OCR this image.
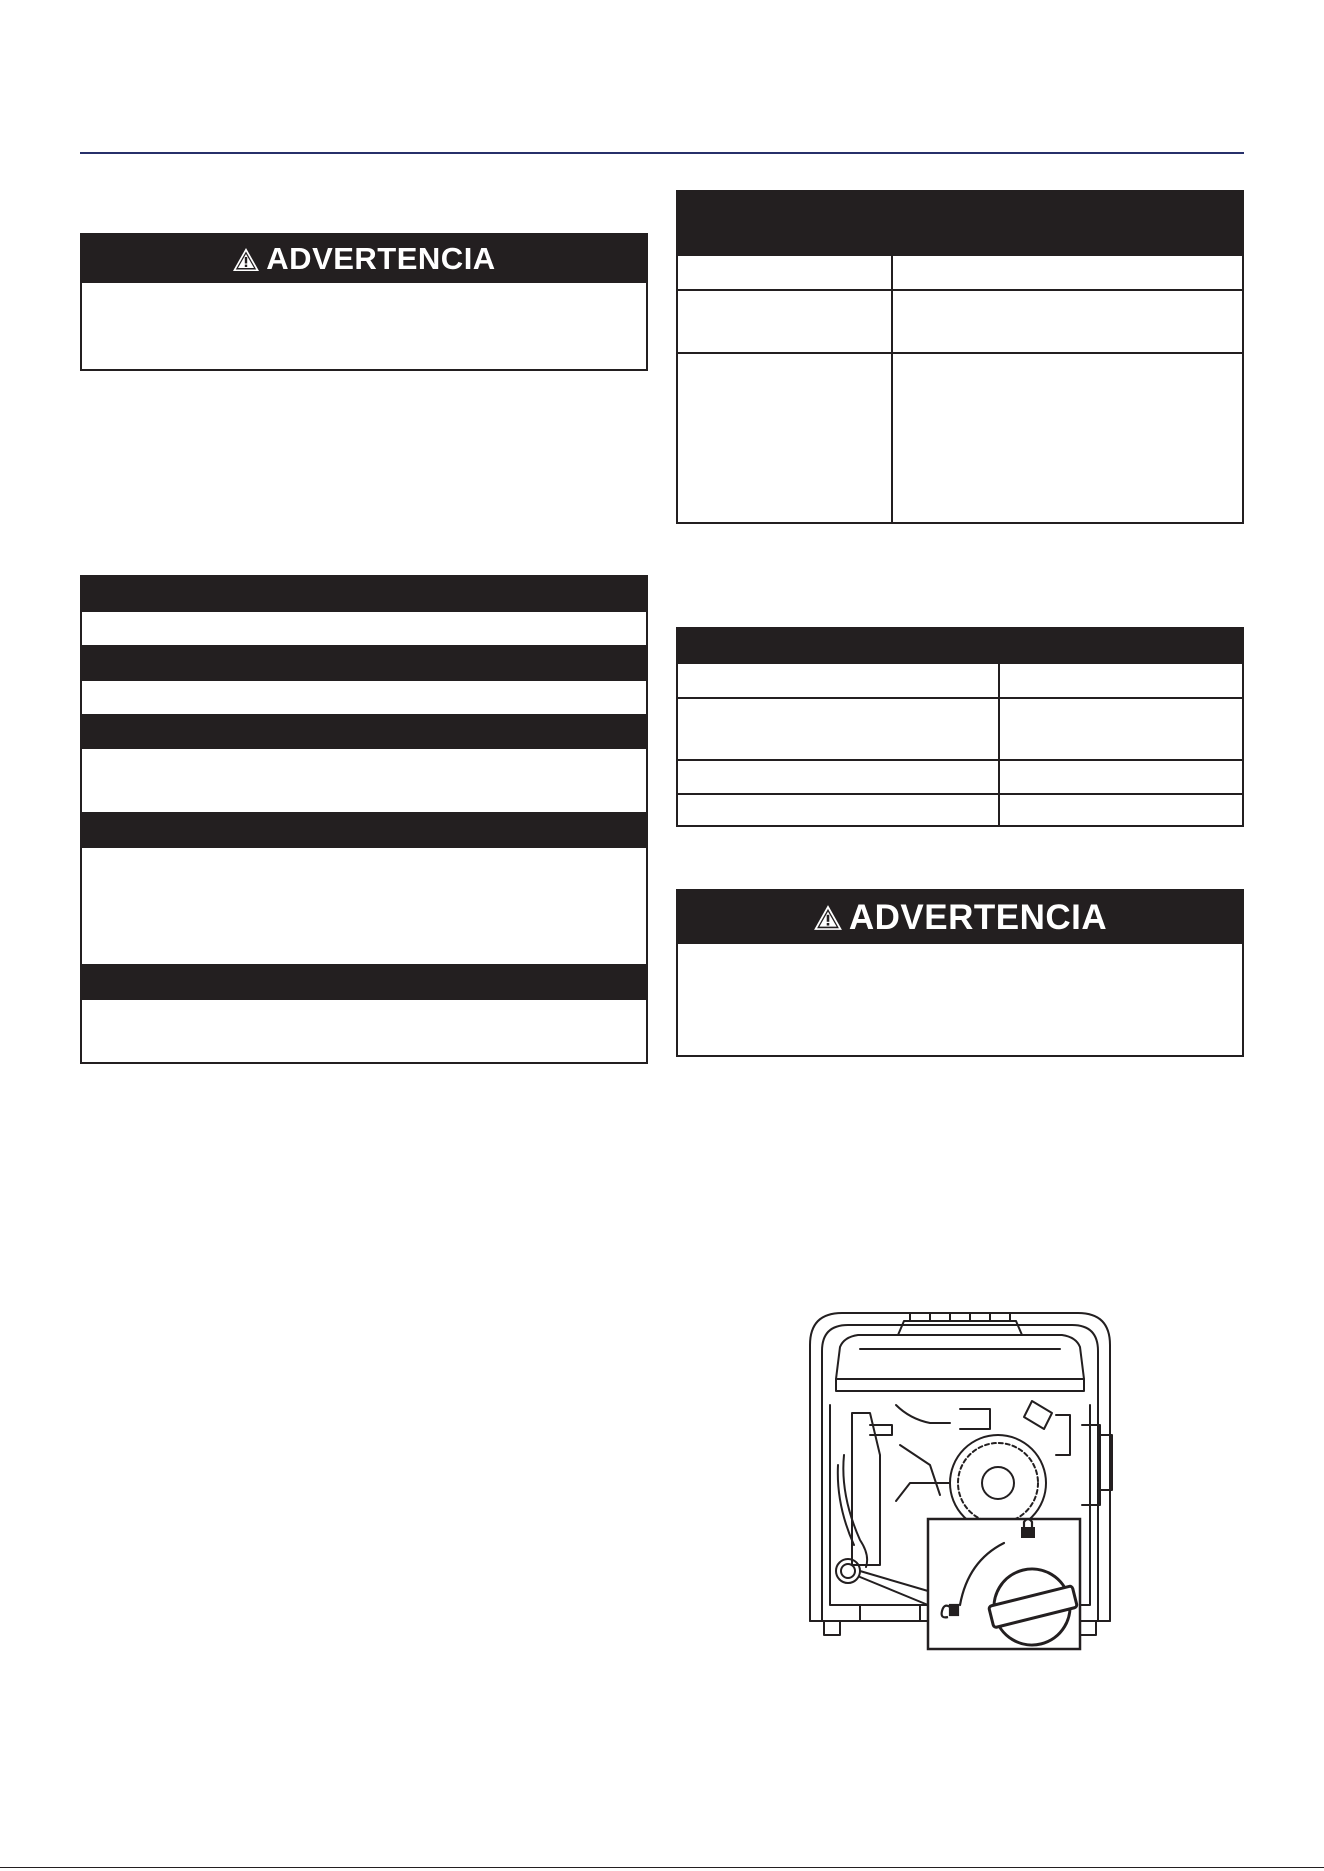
ADVERTENCIA
ADVERTENCIA
